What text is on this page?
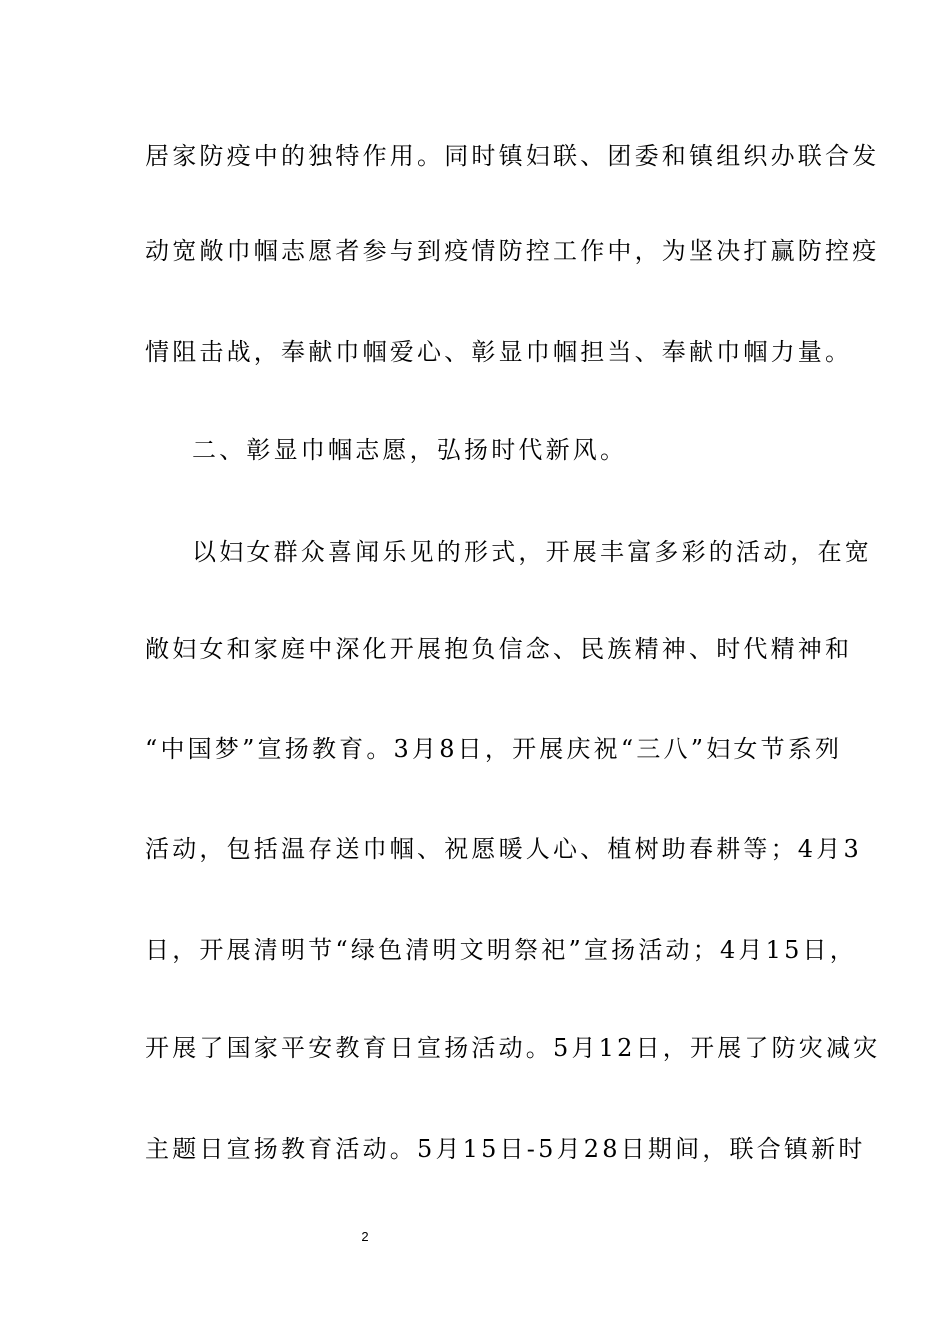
居家防疫中的独特作用。同时镇妇联、团委和镇组织办联合发
动宽敞巾帼志愿者参与到疫情防控工作中，为坚决打赢防控疫
情阻击战，奉献巾帼爱心、彰显巾帼担当、奉献巾帼力量。
二、彰显巾帼志愿，弘扬时代新风。
以妇女群众喜闻乐见的形式，开展丰富多彩的活动，在宽
敞妇女和家庭中深化开展抱负信念、民族精神、时代精神和
“中国梦”宣扬教育。3月8日，开展庆祝“三八”妇女节系列
活动，包括温存送巾帼、祝愿暖人心、植树助春耕等；4月3
日，开展清明节“绿色清明文明祭祀”宣扬活动；4月15日，
开展了国家平安教育日宣扬活动。5月12日，开展了防灾减灾
主题日宣扬教育活动。5月15日-5月28日期间，联合镇新时
2
